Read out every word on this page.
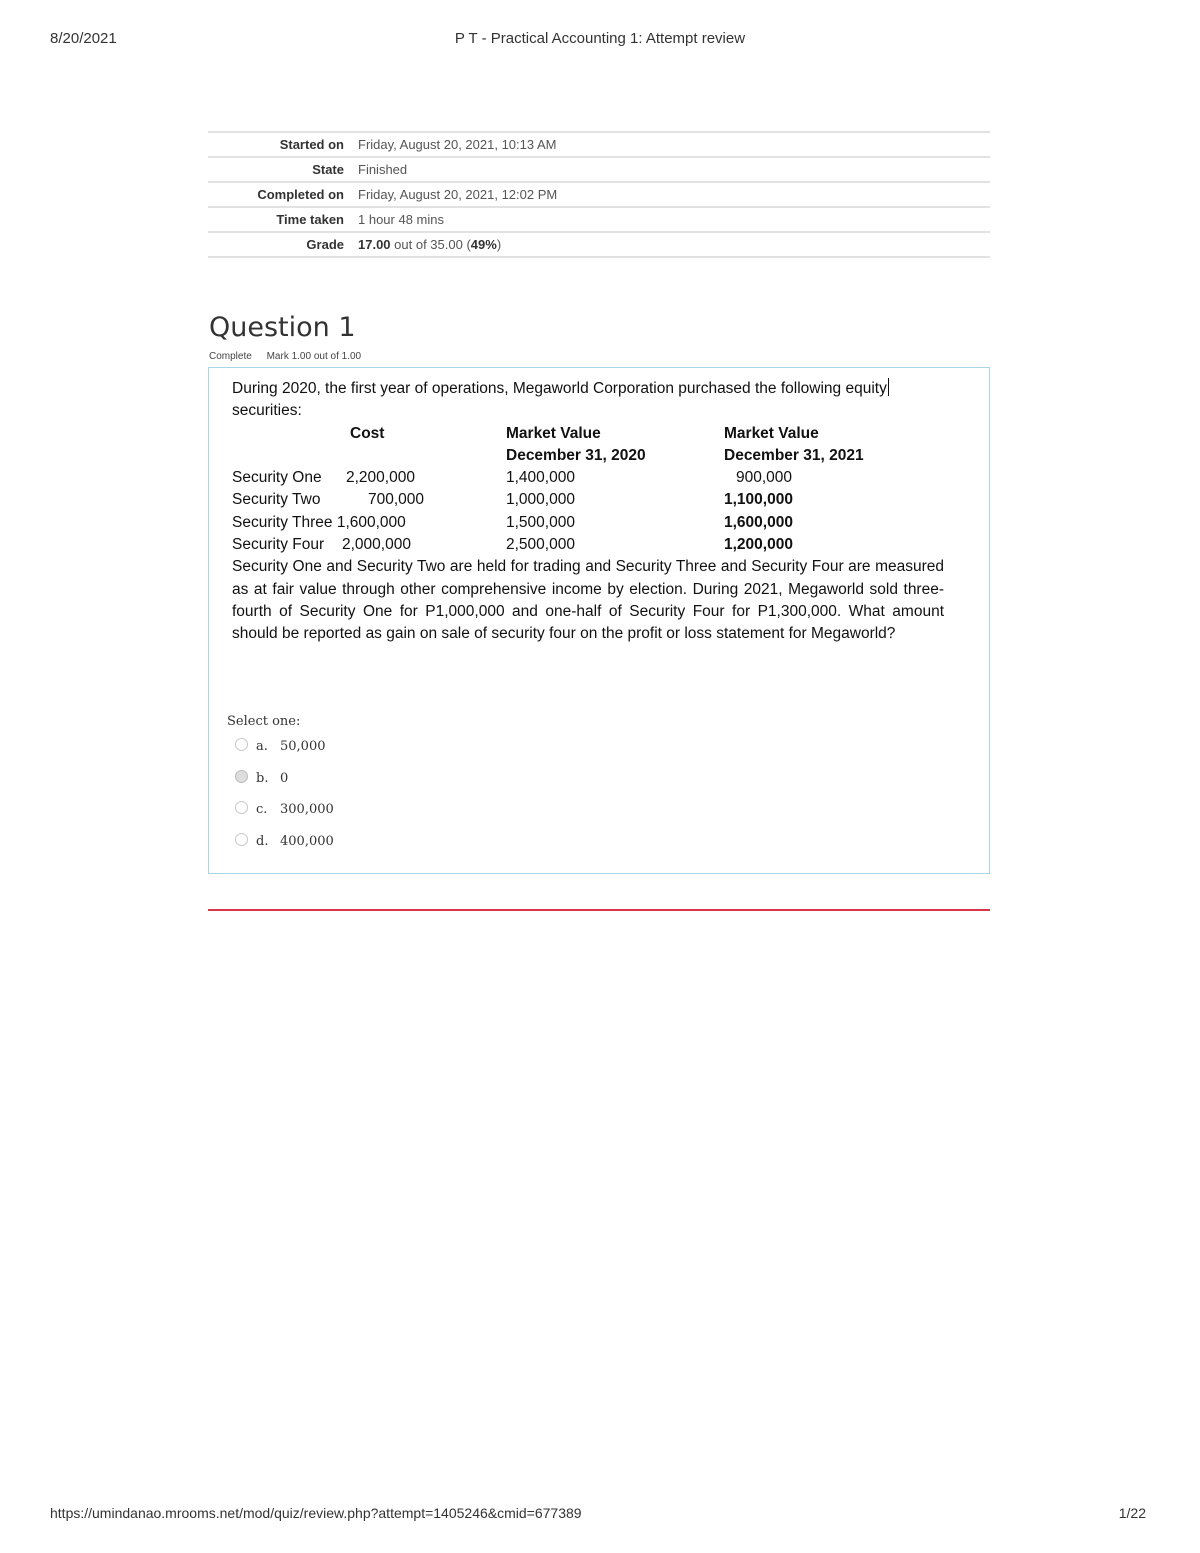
8/20/2021	P T - Practical Accounting 1: Attempt review
Started on	Friday, August 20, 2021, 10:13 AM
State	Finished
Completed on	Friday, August 20, 2021, 12:02 PM
Time taken	1 hour 48 mins
Grade	17.00 out of 35.00 (49%)
Question 1
Complete Mark 1.00 out of 1.00

During 2020, the first year of operations, Megaworld Corporation purchased the following equity

securities:

	Cost	Market Value	Market Value
		December 31, 2020	December 31, 2021
Security One	2,200,000	1,400,000	900,000
Security Two	700,000	1,000,000	1,100,000
Security Three 1,600,000		1,500,000	1,600,000
Security Four	2,000,000	2,500,000	1,200,000

Security One and Security Two are held for trading and Security Three and Security Four are measured as at fair value through other comprehensive income by election. During 2021, Megaworld sold three-fourth of Security One for P1,000,000 and one-half of Security Four for P1,300,000. What amount should be reported as gain on sale of security four on the profit or loss statement for Megaworld?

Select one:
a. 50,000
b. 0
c. 300,000
d. 400,000
https://umindanao.mrooms.net/mod/quiz/review.php?attempt=1405246&cmid=677389	1/22
